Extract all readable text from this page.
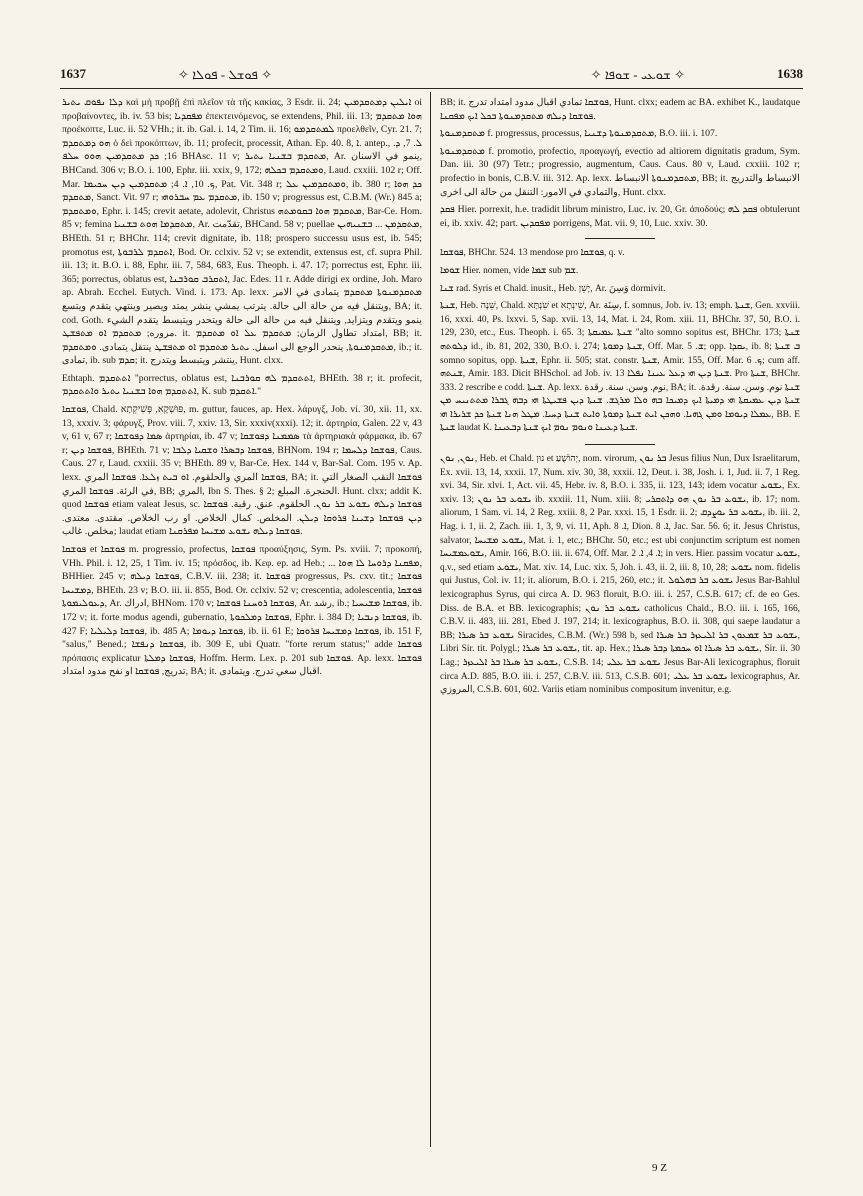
1637	✧ ܦܘܫܠ - ܦܘܠܐ ✧	✧ ܫܘܥܝ - ܫܘܦܐ ✧	1638

ܕܠܐ ܢܦܘܩ ܝܬܝܪ καὶ μὴ προβῇ ἐπὶ πλεῖον τὰ τῆς κακίας, 3 Esdr. ii. 24; ܐܝܠܝܢ ܕܡܬܩܕܡܝܢ οἱ προβαίνοντες, ib. iv. 53 bis; ܡܦܩܕܝܐ ἐπεκτεινόμενος, se extendens, Phil. iii. 13; ܗܘܐ ܡܬܩܕܡ προέκοπτε, Luc. ii. 52 VHh.; it. ib. Gal. i. 14, 2 Tim. ii. 16; ܠܡܬܩܕܡܘ προελθεῖν, Cyr. 21. 7; ܗܘ ܕܡܬܩܕܡ ὁ δεὶ προκόπτων, ib. 11; profecit, processit, Athan. Ep. 40. 8, ܐ. antep., ܠ. 7, ܕ. 16; ܟܕ ܡܬܩܕܡܝܢ ܗܘܘ ܚܠܦ BHAsc. 11 v; ܡܬܩܕܡ ܒܫܢܝܐ ܝܬܝܪ, Ar. ينمو في الاسنان, BHCand. 306 v; B.O. i. 100, Ephr. iii. xxix, 9, 172; ܘܡܬܩܕܡ ܒܟܠܗ, Laud. cxxiii. 102 r; Off. Mar. ܟ. 10, ܐ. 4; ܡܬܩܕܡܝܢ ܕܝܢ ܚܟܝܡܐ, Pat. Vit. 348 r; ܘܡܬܩܕܡܝܢ ܥܠ, ib. 380 r; ܟܕ ܗܘܐ ܡܬܩܕܡ, Sanct. Vit. 97 r; ܡܬܩܕܡ ܥܡ ܚܒܪܘܗܝ, ib. 150 v; progressus est, C.B.M. (Wr.) 845 a; ܘܡܬܩܕܡ, Ephr. i. 145; crevit aetate, adolevit, Christus ܡܬܩܕܡ ܗܘܐ ܒܩܘܡܬܗ, Bar-Ce. Hom. 85 v; femina ܡܬܩܕܡܐ ܗܘܬ ܒܫܢܝܐ, Ar. تقدّمت, BHCand. 58 v; puellae ܡܬܩܕܡܢ ... ܒܫܢܝܗܝܢ, BHEth. 51 r; BHChr. 114; crevit dignitate, ib. 118; prospero successu usus est, ib. 545; promotus est, ܐܬܩܕܡ ܠܪܒܘܬܐ, Bod. Or. cclxiv. 52 v; se extendit, extensus est, cf. supra Phil. iii. 13; it. B.O. i. 88, Ephr. iii. 7, 584, 683, Eus. Theoph. i. 47. 17; porrectus est, Ephr. iii. 365; porrectus, oblatus est, ܐܬܩܪܒ ܩܘܪܒܢܐ, Jac. Edes. 11 r. Adde dirigi ex ordine, Joh. Maro ap. Abrah. Ecchel. Eutych. Vind. i. 173. Ap. lexx. ܡܬܩܕܡܢܘܬܐ ܡܬܩܕܡ يتمادى في الامر ويتنقل فيه من حالة الى حالة. يترتب يمشي ينشر يمتد ويصير وينتهي يتقدم ويتسع, BA; it. cod. Goth. ينمو ويتقدم ويتزايد, ويتنقل فيه من حالة الى حالة ويتحدر ويتبسط يتقدم الشيء مروره; ܡܬܩܕܡ ܐܘ ܡܬܦܫܛ. it. امتداد تطاول الزمان; ܡܬܩܕܡ ܥܠ ܐܘ ܡܬܩܕܡ, BB; it. ܡܬܩܕܡܢܘܬܐ, ينحدر الوجع الى اسفل. ܝܬܝܪ ܡܬܩܕܡ ܐܘ ܡܬܦܫܛ ينتقل يتمادى. ܘܡܬܩܕܡ, ib.; it. تمادى, ib. sub ܩܕܡ; it. ينتشر ويتبسط ويتدرج, Hunt. clxx.

Ethtaph. ܐܬܬܩܕܡ "porrectus, oblatus est, ܐܬܬܩܕܡ ܠܗ ܩܘܪܒܢܐ, BHEth. 38 r; it. profecit, ܐܬܬܩܕܡ ܗܘܐ ܒܫܢܝܐ ܝܬܝܪ ܘܐܬܬܩܕܡ, K. sub ܐܬܩܕܡ."

ܦܘܫܩܐ, Chald. פּוּשְׁקָא, פְּשִׁיקְתָא, m. guttur, fauces, ap. Hex. λάρυγξ, Job. vi. 30, xii. 11, xx. 13, xxxiv. 3; φάρυγξ, Prov. viii. 7, xxiv. 13, Sir. xxxiv(xxxi). 12; it. ἀρτηρία, Galen. 22 v, 43 v, 61 v, 67 r; ܣܡܐ ܕܦܘܫܩܐ ἀρτηρίαι, ib. 47 v; ܣܡܡܢܐ ܕܦܘܫܩܐ τὰ ἀρτηριακὰ φάρμακα, ib. 67 r; ܦܘܫܩܐ ܕܝܢ, BHEth. 71 v; ܦܘܫܩܐ ܕܒܣܪܐ ܘܫܩܝܐ ܕܠܒܐ, BHNom. 194 r; ܦܘܫܩܐ ܕܠܚܡܐ, Caus. Caus. 27 r, Laud. cxxiii. 35 v; BHEth. 89 v, Bar-Ce. Hex. 144 v, Bar-Sal. Com. 195 v. Ap. lexx. ܦܘܫܩܐ المري والحلقوم. ܐܘ ܒܝܬ ܙܠܥܐ. ܦܘܫܩܐ المري, BA; it. ܦܘܫܩܐ النقب الصغار التي في الرئة. ܦܘܫܩܐ المري, BB; المري, Ibn S. Thes. § 2; الحنجرة. المبلع. Hunt. clxx; addit K. quod ܦܘܫܩܐ etiam valeat Jesus, sc. ܦܘܫܩܐ ܕܝܠܗ ܝܫܘܥ ܒܪ ܢܘܢ. الحلقوم. عنق. رقبة. ܦܘܫܩܐ ܕܝܢ ܦܘܫܩܐ ܕܫܝܢܐ ܦܪܘܩܐ ܕܝܠܢ. المخلص. كمال الخلاص. او رب الخلاص. مقتدى. معتدى. مخلص. غالب; laudat etiam ܦܘܫܩܐ ܕܝܠܗ ܝܫܘܥ ܡܫܝܚܐ ܡܦܪܩܢܐ.

ܦܘܫܩܐ et ܦܘܫܩܐ m. progressio, profectus, ܦܘܫܩܐ προαύξησις, Sym. Ps. xviii. 7; προκοπή, VHh. Phil. i. 12, 25, 1 Tim. iv. 15; πρόσδος, ib. Κεφ. ep. ad Heb.; ... ܡܦܩܢܐ ܕܪܘܚܐ ܠܐ ܗܘܐ, BHHier. 245 v; ܦܘܫܩܐ ܕܝܠܗ, C.B.V. iii. 238; it. ܦܘܫܩܐ progressus, Ps. cxv. tit.; ܦܘܫܩܐ ܕܡܫܝܚܐ, BHEth. 23 v; B.O. iii. ii. 855, Bod. Or. cclxiv. 52 v; crescentia, adolescentia, ܦܘܫܩܐ ܕܥܘܠܝܡܘܬܐ, Ar. ادراك, BHNom. 170 v; ܦܘܫܩܐ ܪܘܚܢܐ ܦܘܫܩܐ, Ar. رشد, ib.; ܦܘܫܩܐ ܡܫܝܚܝܐ, ib. 172 v; it. forte modus agendi, gubernatio, ܦܘܫܩܐ ܕܡܠܟܘܬܐ, Ephr. i. 384 D; ܦܘܫܩܐ ܕܢܒܝܐ, ib. 427 F; ܦܘܫܩܐ ܕܠܝܠܝܐ, ib. 485 A; ܦܘܫܩܐ ܕܝܘܡܐ, ib. ii. 61 E; ܦܘܫܩܐ ܕܡܫܝܚܐ ܦܪܘܩܐ, ib. 151 F, "salus," Bened.; ܦܘܫܩܐ ܕܢܦܫܐ, ib. 309 E, ubi Quatr. "forte rerum status;" adde ܦܘܫܩܐ πρόπασις explicatur ܦܘܫܩܐ ܕܡܠܬܐ, Hoffm. Herm. Lex. p. 201 sub ܦܘܫܩܐ. Ap. lexx. ܦܘܫܩܐ تدريج, ܦܘܫܩܐ او نفح مدود امتداد, BA; it. اقبال سعي تدرج. ويتمادى.

BB; it. ܦܘܫܩܐ تمادي اقبال مدود امتداد تدرج, Hunt. clxx; eadem ac BA. exhibet K., laudatque ܦܘܫܩܐ ܕܝܠܗ ܡܬܩܕܡܢܘܬܐ ܒܟܠ ܐܝܟ ܡܦܩܢܐ.

ܡܬܩܕܡܢܘܬܐ f. progressus, processus, ܡܬܩܕܡܢܘܬܐ ܕܫܢܝܐ, B.O. iii. i. 107.

ܡܬܩܕܡܢܘܬܐ f. promotio, profectio, προαγωγή, evectio ad altiorem dignitatis gradum, Sym. Dan. iii. 30 (97) Tetr.; progressio, augmentum, Caus. Caus. 80 v, Laud. cxxiii. 102 r; profectio in bonis, C.B.V. iii. 312. Ap. lexx. ܡܬܩܕܡܢܘܬܐ الانبساط, BB; it. الانبساط والتدريج والتمادي في الامور: التنقل من حالة الى اخرى, Hunt. clxx.

ܦܩܕ Hier. porrexit, h.e. tradidit librum ministro, Luc. iv. 20, Gr. ἀποδούς; ܦܩܕ ܠܗ obtulerunt ei, ib. xxiv. 42; part. ܡܦܩܕܝܢ porrigens, Mat. vii. 9, 10, Luc. xxiv. 30.

ܦܘܫܩܐ, BHChr. 524. 13 mendose pro ܦܘܫܩܐ, q. v.

ܫܘܡܐ Hier. nomen, vide ܫܡܐ sub ܫܡ.

ܫܢܐ rad. Syris et Chald. inusit., Heb. יָשֵׁן, Ar. وَسِنَ dormivit.

ܫܢܬܐ, Heb. שֵׁנָה, Chald. שִׁנְתָּא et שֵׁינְתָא, Ar. سِنَة, f. somnus, Job. iv. 13; emph. ܫܢܬܐ, Gen. xxviii. 16, xxxi. 40, Ps. lxxvi. 5, Sap. xvii. 13, 14, Mat. i. 24, Rom. xiii. 11, BHChr. 37, 50, B.O. i. 129, 230, etc., Eus. Theoph. i. 65. 3; ܫܢܬܐ ܥܡܝܩܬܐ "alto somno sopitus est, BHChr. 173; ܫܢܬܐ ܕܠܘܬܗ id., ib. 81, 202, 330, B.O. i. 274; ܫܢܬܐ ܕܡܘܬܐ, Off. Mar. ܫ. 5; opp. ܝܩܕܐ, ib. 8; ܒ ܫܢܬܐ somno sopitus, opp. ܫܢܬܐ, Ephr. ii. 505; stat. constr. ܫܢܬܐ, Amir. 155, Off. Mar. ܟ. 6; cum aff. ܫܢܬܗ, Amir. 183. Dicit BHSchol. ad Job. iv. 13 ܫܢܬܐ ܕܝܢ ܗܝ ܕܥܠ ܥܝܢܐ ܢܦܠܐ. Pro ܫܢܬܐ, BHChr. 333. 2 rescribe e codd. ܫܢܬܐ. Ap. lexx. نوم. وسن. سنة. رقدة, BA; it. ܫܢܬܐ نوم. وسن. سنة. رقدة. ܫܢܬܐ ܕܝܢ ܥܡܝܩܬܐ ܗܝ ܕܡܝܬܐ ܐܝܟ ܕܡܝܟܐ ܒܗ ܘܠܐ ܡܪܓܫ. ܫܢܬܐ ܕܝܢ ܦܫܝܛܬܐ ܗܝ ܕܒܗ ܓܒܪܐ ܡܬܬܢܝܚ ܡܢ ܥܡܠܐ ܕܝܘܡܐ ܘܡܢ ܓܗܝܐ. ܘܗܟܢ ܐܝܬ ܫܢܬܐ ܕܡܘܬܐ ܘܐܝܬ ܫܢܬܐ ܕܚܝܐ. ܡܛܠ ܗܢܐ ܫܢܬܐ ܟܕ ܫܪܝܪܐ ܗܝ, BB. E ܫܢܬܐ laudat K. ܫܢܬܐ ܕܥܝܢܐ ܘܢܘܡ ܢܘܡ ܐܝܟ ܫܢܬܐ ܕܒܥܝܢܐ.

ܢܘܢ, ܢܘܢ, Heb. et Chald. נוּן et יְהוֹשֻׁעַ, nom. virorum, ܒܪ ܢܘܢ Jesus filius Nun, Dux Israelitarum, Ex. xvii. 13, 14, xxxii. 17, Num. xiv. 30, 38, xxxii. 12, Deut. i. 38, Josh. i. 1, Jud. ii. 7, 1 Reg. xvi. 34, Sir. xlvi. 1, Act. vii. 45, Hebr. iv. 8, B.O. i. 335, ii. 123, 143; idem vocatur ܝܫܘܥ, Ex. xxiv. 13; ܝܫܘܥ ܒܪ ܢܘܢ ib. xxxiii. 11, Num. xiii. 8; ܝܫܘܥ ܒܪ ܢܘܢ ܗܘ ܕܐܬܩܪܝ, ib. 17; nom. aliorum, 1 Sam. vi. 14, 2 Reg. xxiii. 8, 2 Par. xxxi. 15, 1 Esdr. ii. 2; ܝܫܘܥ ܒܪ ܝܘܨܕܩ, ib. iii. 2, Hag. i. 1, ii. 2, Zach. iii. 1, 3, 9, vi. 11, Aph. ܐ. 8, Dion. ܐ. 8, Jac. Sar. 56. 6; it. Jesus Christus, salvator, ܝܫܘܥ ܡܫܝܚܐ, Mat. i. 1, etc.; BHChr. 50, etc.; est ubi conjunctim scriptum est nomen ܝܫܘܥܡܫܝܚܐ, Amir. 166, B.O. iii. ii. 674, Off. Mar. ܐ. 4, ܐ. 2; in vers. Hier. passim vocatur ܝܫܘܥ, q.v., sed etiam ܝܫܘܥ, Mat. xiv. 14, Luc. xix. 5, Joh. i. 43, ii. 2, iii. 8, 10, 28; ܝܫܘܥ nom. fidelis qui Justus, Col. iv. 11; it. aliorum, B.O. i. 215, 260, etc.; it. ܝܫܘܥ ܒܪ ܒܗܠܘܠ Jesus Bar-Bahlul lexicographus Syrus, qui circa A. D. 963 floruit, B.O. iii. i. 257, C.S.B. 617; cf. de eo Ges. Diss. de B.A. et BB. lexicographis; ܝܫܘܥ ܒܪ ܢܘܢ catholicus Chald., B.O. iii. i. 165, 166, C.B.V. ii. 483, iii. 281, Ebed J. 197, 214; it. lexicographus, B.O. ii. 308, qui saepe laudatur a BB; ܝܫܘܥ ܒܪ ܣܝܪܐ Siracides, C.B.M. (Wr.) 598 b, sed ܝܫܘܥ ܒܪ ܫܡܥܘܢ ܒܪ ܐܠܝܥܙܪ ܒܪ ܣܝܪܐ, Libri Sir. tit. Polygl.; ܝܫܘܥ ܒܪ ܣܝܪܐ, tit. ap. Hex.; ܝܫܘܥ ܒܪ ܣܝܪܐ ܐܘ ܚܟܡܬܐ ܕܒܪ ܣܝܪܐ, Sir. ii. 30 Lag.; ܝܫܘܥ ܒܪ ܣܝܪܐ ܒܪ ܐܠܝܥܙܪ, C.S.B. 14; ܝܫܘܥ ܒܪ ܥܠܝ Jesus Bar-Ali lexicographus, floruit circa A.D. 885, B.O. iii. i. 257, C.B.V. iii. 513, C.S.B. 601; ܝܫܘܥ ܒܪ ܥܠܝ lexicographus, Ar. المروزي, C.S.B. 601, 602. Variis etiam nominibus compositum invenitur, e.g.

9 Z
